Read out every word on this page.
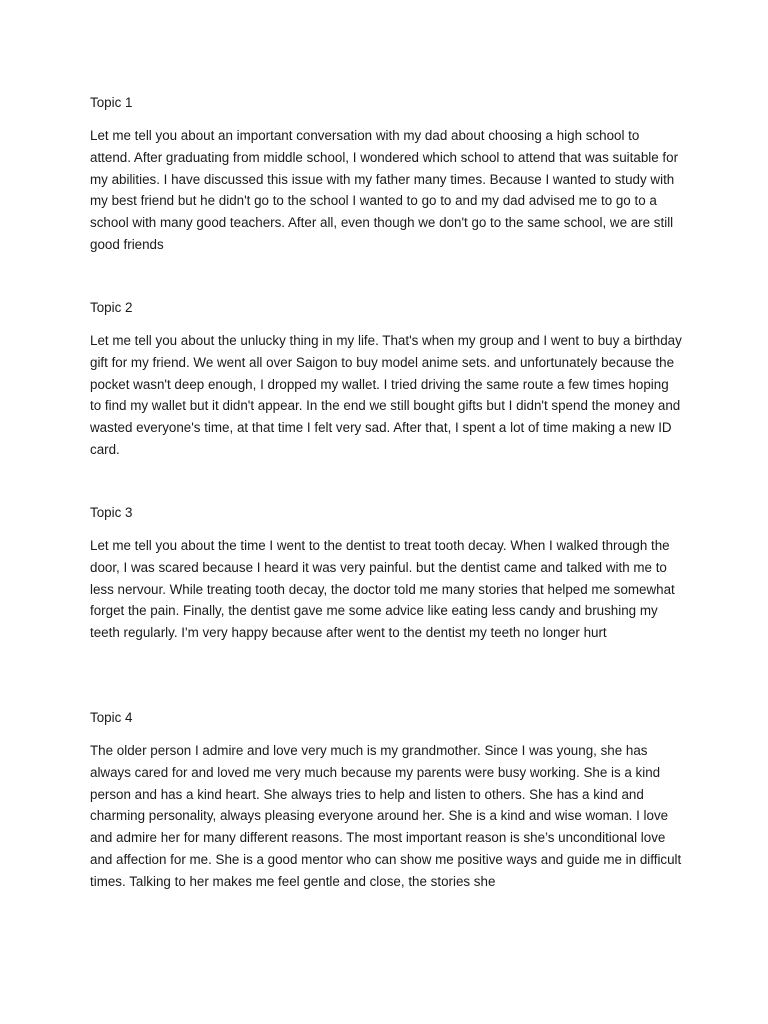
Topic 1

Let me tell you about an important conversation with my dad about choosing a high school to attend. After graduating from middle school, I wondered which school to attend that was suitable for my abilities. I have discussed this issue with my father many times. Because I wanted to study with my best friend but he didn't go to the school I wanted to go to and my dad advised me to go to a school with many good teachers. After all, even though we don't go to the same school, we are still good friends

Topic 2

Let me tell you about the unlucky thing in my life. That's when my group and I went to buy a birthday gift for my friend. We went all over Saigon to buy model anime sets. and unfortunately because the pocket wasn't deep enough, I dropped my wallet. I tried driving the same route a few times hoping to find my wallet but it didn't appear. In the end we still bought gifts but I didn't spend the money and wasted everyone's time, at that time I felt very sad. After that, I spent a lot of time making a new ID card.

Topic 3

Let me tell you about the time I went to the dentist to treat tooth decay. When I walked through the door, I was scared because I heard it was very painful. but the dentist came and talked with me to less nervour. While treating tooth decay, the doctor told me many stories that helped me somewhat forget the pain. Finally, the dentist gave me some advice like eating less candy and brushing my teeth regularly. I'm very happy because after went to the dentist my teeth no longer hurt

Topic 4

The older person I admire and love very much is my grandmother. Since I was young, she has always cared for and loved me very much because my parents were busy working. She is a kind person and has a kind heart. She always tries to help and listen to others. She has a kind and charming personality, always pleasing everyone around her. She is a kind and wise woman. I love and admire her for many different reasons. The most important reason is she’s unconditional love and affection for me. She is a good mentor who can show me positive ways and guide me in difficult times. Talking to her makes me feel gentle and close, the stories she
